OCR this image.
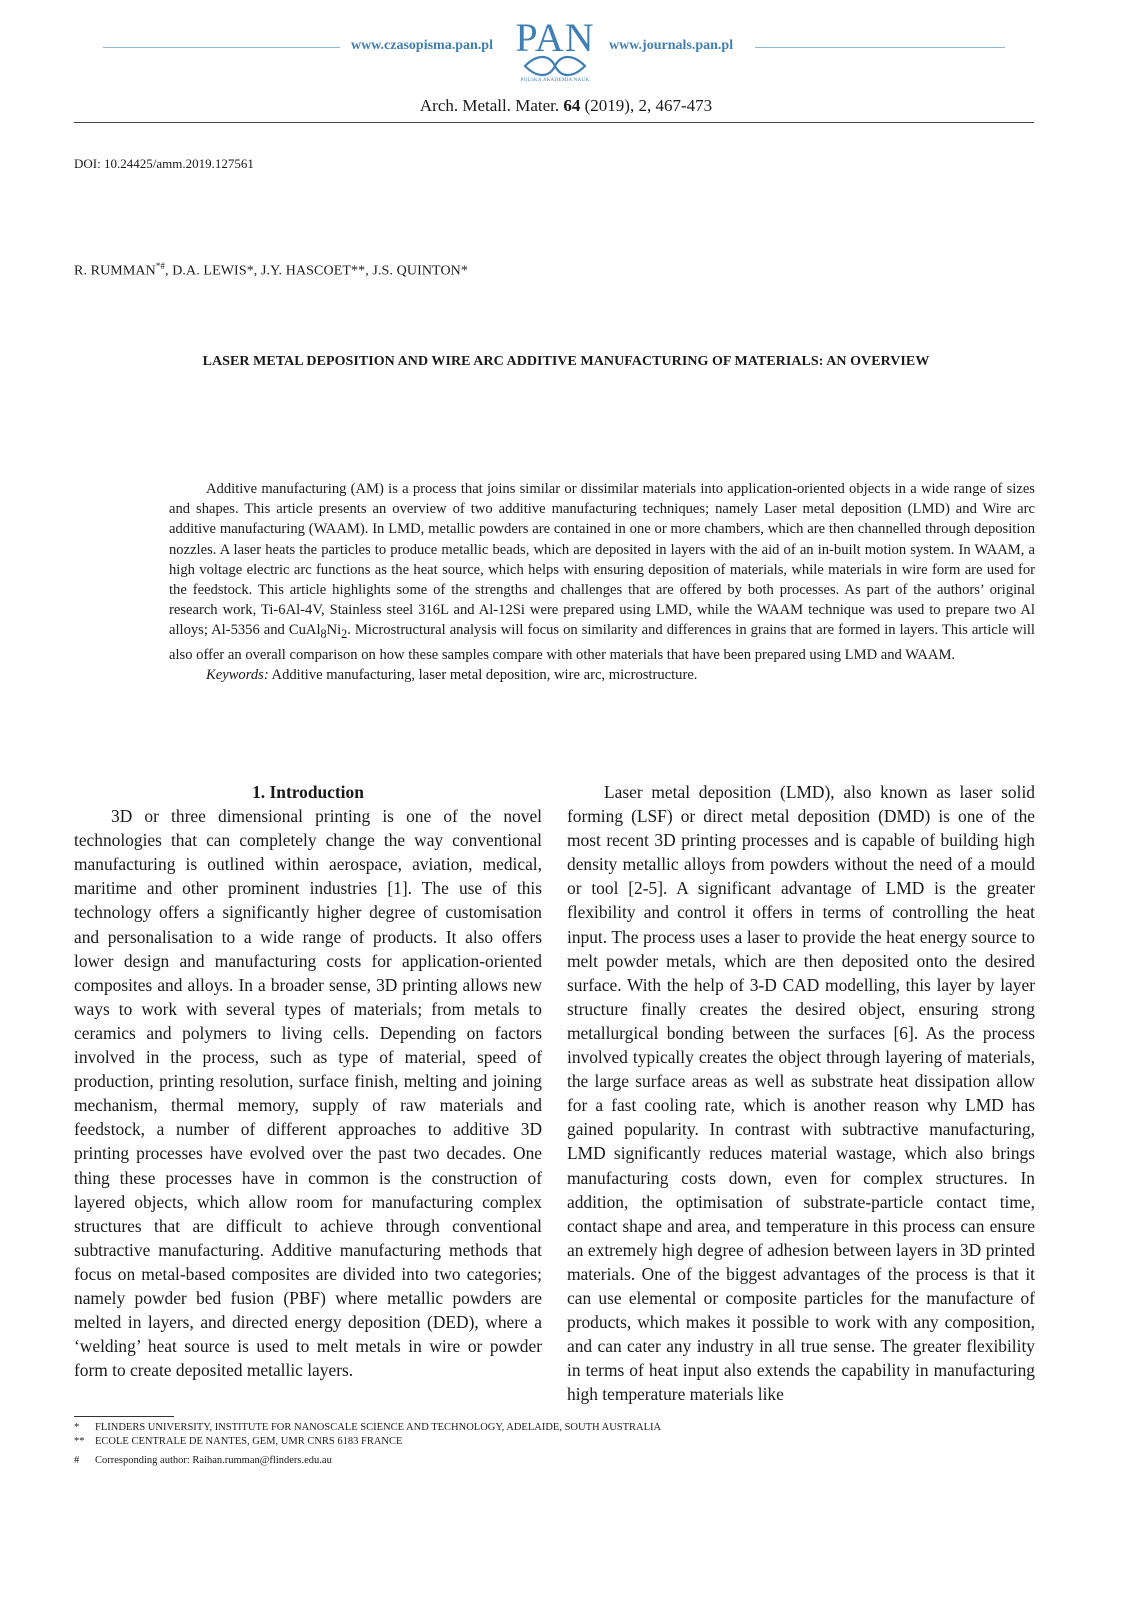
www.czasopisma.pan.pl PAN
POLSKA AKADEMIA NAUK
www.journals.pan.pl
Arch. Metall. Mater. 64 (2019), 2, 467-473
DOI: 10.24425/amm.2019.127561
R. RUMMAN*#, D.A. LEWIS*, J.Y. HASCOET**, J.S. QUINTON*
LASER METAL DEPOSITION AND WIRE ARC ADDITIVE MANUFACTURING OF MATERIALS: AN OVERVIEW

Additive manufacturing (AM) is a process that joins similar or dissimilar materials into application-oriented objects in a wide range of sizes and shapes. This article presents an overview of two additive manufacturing techniques; namely Laser metal deposition (LMD) and Wire arc additive manufacturing (WAAM). In LMD, metallic powders are contained in one or more chambers, which are then channelled through deposition nozzles. A laser heats the particles to produce metallic beads, which are deposited in layers with the aid of an in-built motion system. In WAAM, a high voltage electric arc functions as the heat source, which helps with ensuring deposition of materials, while materials in wire form are used for the feedstock. This article highlights some of the strengths and challenges that are offered by both processes. As part of the authors’ original research work, Ti-6Al-4V, Stainless steel 316L and Al-12Si were prepared using LMD, while the WAAM technique was used to prepare two Al alloys; Al-5356 and $CuAl_8Ni_2$. Microstructural analysis will focus on similarity and differences in grains that are formed in layers. This article will also offer an overall comparison on how these samples compare with other materials that have been prepared using LMD and WAAM.

Keywords: Additive manufacturing, laser metal deposition, wire arc, microstructure.

1. Introduction

3D or three dimensional printing is one of the novel technologies that can completely change the way conventional manufacturing is outlined within aerospace, aviation, medical, maritime and other prominent industries [1]. The use of this technology offers a significantly higher degree of customisation and personalisation to a wide range of products. It also offers lower design and manufacturing costs for application-oriented composites and alloys. In a broader sense, 3D printing allows new ways to work with several types of materials; from metals to ceramics and polymers to living cells. Depending on factors involved in the process, such as type of material, speed of production, printing resolution, surface finish, melting and joining mechanism, thermal memory, supply of raw materials and feedstock, a number of different approaches to additive 3D printing processes have evolved over the past two decades. One thing these processes have in common is the construction of layered objects, which allow room for manufacturing complex structures that are difficult to achieve through conventional subtractive manufacturing. Additive manufacturing methods that focus on metal-based composites are divided into two categories; namely powder bed fusion (PBF) where metallic powders are melted in layers, and directed energy deposition (DED), where a ‘welding’ heat source is used to melt metals in wire or powder form to create deposited metallic layers.

Laser metal deposition (LMD), also known as laser solid forming (LSF) or direct metal deposition (DMD) is one of the most recent 3D printing processes and is capable of building high density metallic alloys from powders without the need of a mould or tool [2-5]. A significant advantage of LMD is the greater flexibility and control it offers in terms of controlling the heat input. The process uses a laser to provide the heat energy source to melt powder metals, which are then deposited onto the desired surface. With the help of 3-D CAD modelling, this layer by layer structure finally creates the desired object, ensuring strong metallurgical bonding between the surfaces [6]. As the process involved typically creates the object through layering of materials, the large surface areas as well as substrate heat dissipation allow for a fast cooling rate, which is another reason why LMD has gained popularity. In contrast with subtractive manufacturing, LMD significantly reduces material wastage, which also brings manufacturing costs down, even for complex structures. In addition, the optimisation of substrate-particle contact time, contact shape and area, and temperature in this process can ensure an extremely high degree of adhesion between layers in 3D printed materials. One of the biggest advantages of the process is that it can use elemental or composite particles for the manufacture of products, which makes it possible to work with any composition, and can cater any industry in all true sense. The greater flexibility in terms of heat input also extends the capability in manufacturing high temperature materials like

*	FLINDERS UNIVERSITY, INSTITUTE FOR NANOSCALE SCIENCE AND TECHNOLOGY, ADELAIDE, SOUTH AUSTRALIA
**	ECOLE CENTRALE DE NANTES, GEM, UMR CNRS 6183 FRANCE
#	Corresponding author: Raihan.rumman@flinders.edu.au
